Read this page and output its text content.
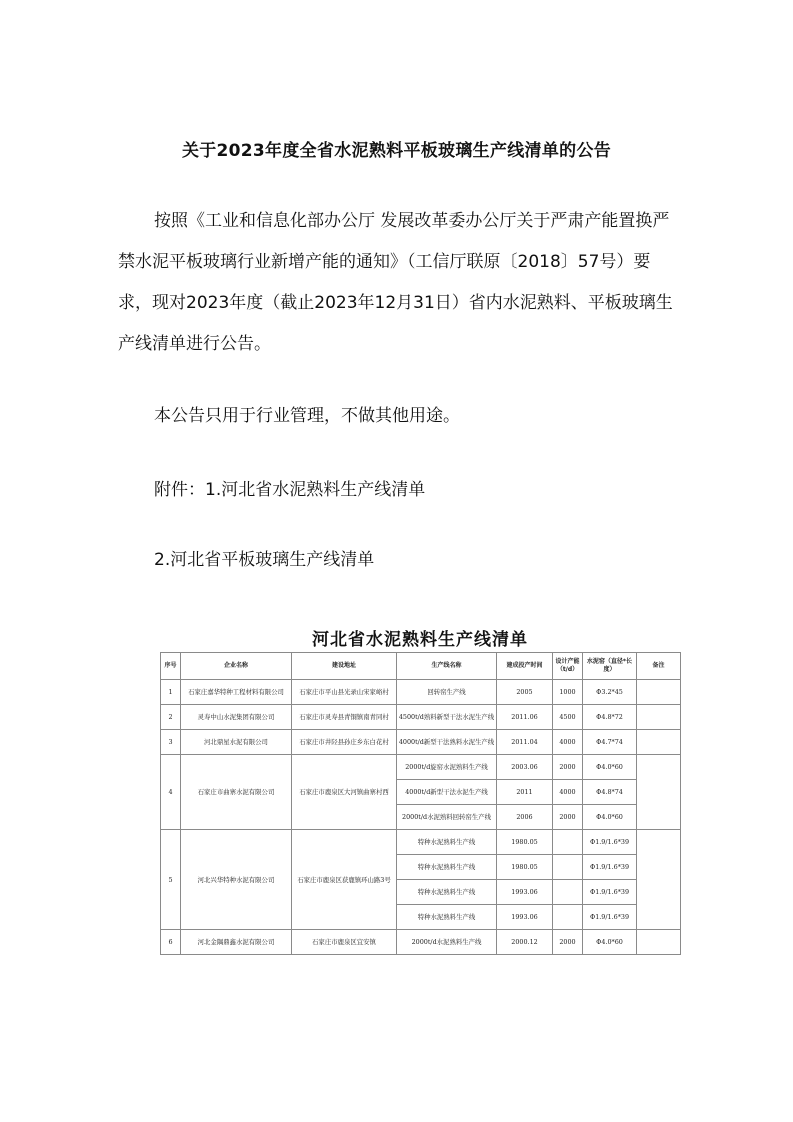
关于2023年度全省水泥熟料平板玻璃生产线清单的公告

按照《工业和信息化部办公厅 发展改革委办公厅关于严肃产能置换严禁水泥平板玻璃行业新增产能的通知》（工信厅联原〔2018〕57号）要求，现对2023年度（截止2023年12月31日）省内水泥熟料、平板玻璃生产线清单进行公告。

本公告只用于行业管理，不做其他用途。

附件：1.河北省水泥熟料生产线清单

2.河北省平板玻璃生产线清单

河北省水泥熟料生产线清单
序号	企业名称	建设地址	生产线名称	建成投产时间	设计产能（t/d）	水泥窑（直径*长度）	备注
1	石家庄嘉华特种工程材料有限公司	石家庄市平山县光录山宋家峪村	回转窑生产线	2005	1000	Φ3.2*45	
2	灵寿中山水泥集团有限公司	石家庄市灵寿县青铜镇南青同村	4500t/d熟料新型干法水泥生产线	2011.06	4500	Φ4.8*72	
3	河北鼎星水泥有限公司	石家庄市井陉县孙庄乡东白花村	4000t/d新型干法熟料水泥生产线	2011.04	4000	Φ4.7*74	
4	石家庄市曲寨水泥有限公司	石家庄市鹿泉区大河镇曲寨村西	2000t/d旋窑水泥熟料生产线	2003.06	2000	Φ4.0*60	
			4000t/d新型干法水泥生产线	2011	4000	Φ4.8*74	
			2000t/d水泥熟料回转窑生产线	2006	2000	Φ4.0*60	
5	河北兴华特种水泥有限公司	石家庄市鹿泉区获鹿镇环山路3号	特种水泥熟料生产线	1980.05		Φ1.9/1.6*39	
			特种水泥熟料生产线	1980.05		Φ1.9/1.6*39	
			特种水泥熟料生产线	1993.06		Φ1.9/1.6*39	
			特种水泥熟料生产线	1993.06		Φ1.9/1.6*39	
6	河北金隅鼎鑫水泥有限公司	石家庄市鹿泉区宜安镇	2000t/d水泥熟料生产线	2000.12	2000	Φ4.0*60	
